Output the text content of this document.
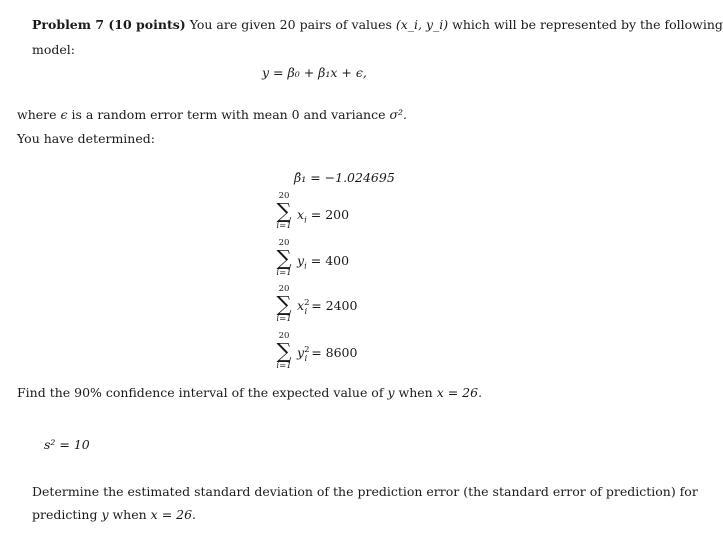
Problem 7 (10 points) You are given 20 pairs of values (x_i, y_i) which will be represented by the following
model:
y = β₀ + β₁x + ϵ,
where ϵ is a random error term with mean 0 and variance σ².
You have determined:
β̂₁ = −1.024695
20
∑
i=1
$x_i = 200$
20
∑
i=1
$y_i = 400$
20
∑
i=1
$x^2_i = 2400$
20
∑
i=1
$y^2_i = 8600$
Find the 90% confidence interval of the expected value of y when x = 26.
s² = 10
Determine the estimated standard deviation of the prediction error (the standard error of prediction) for
predicting y when x = 26.
